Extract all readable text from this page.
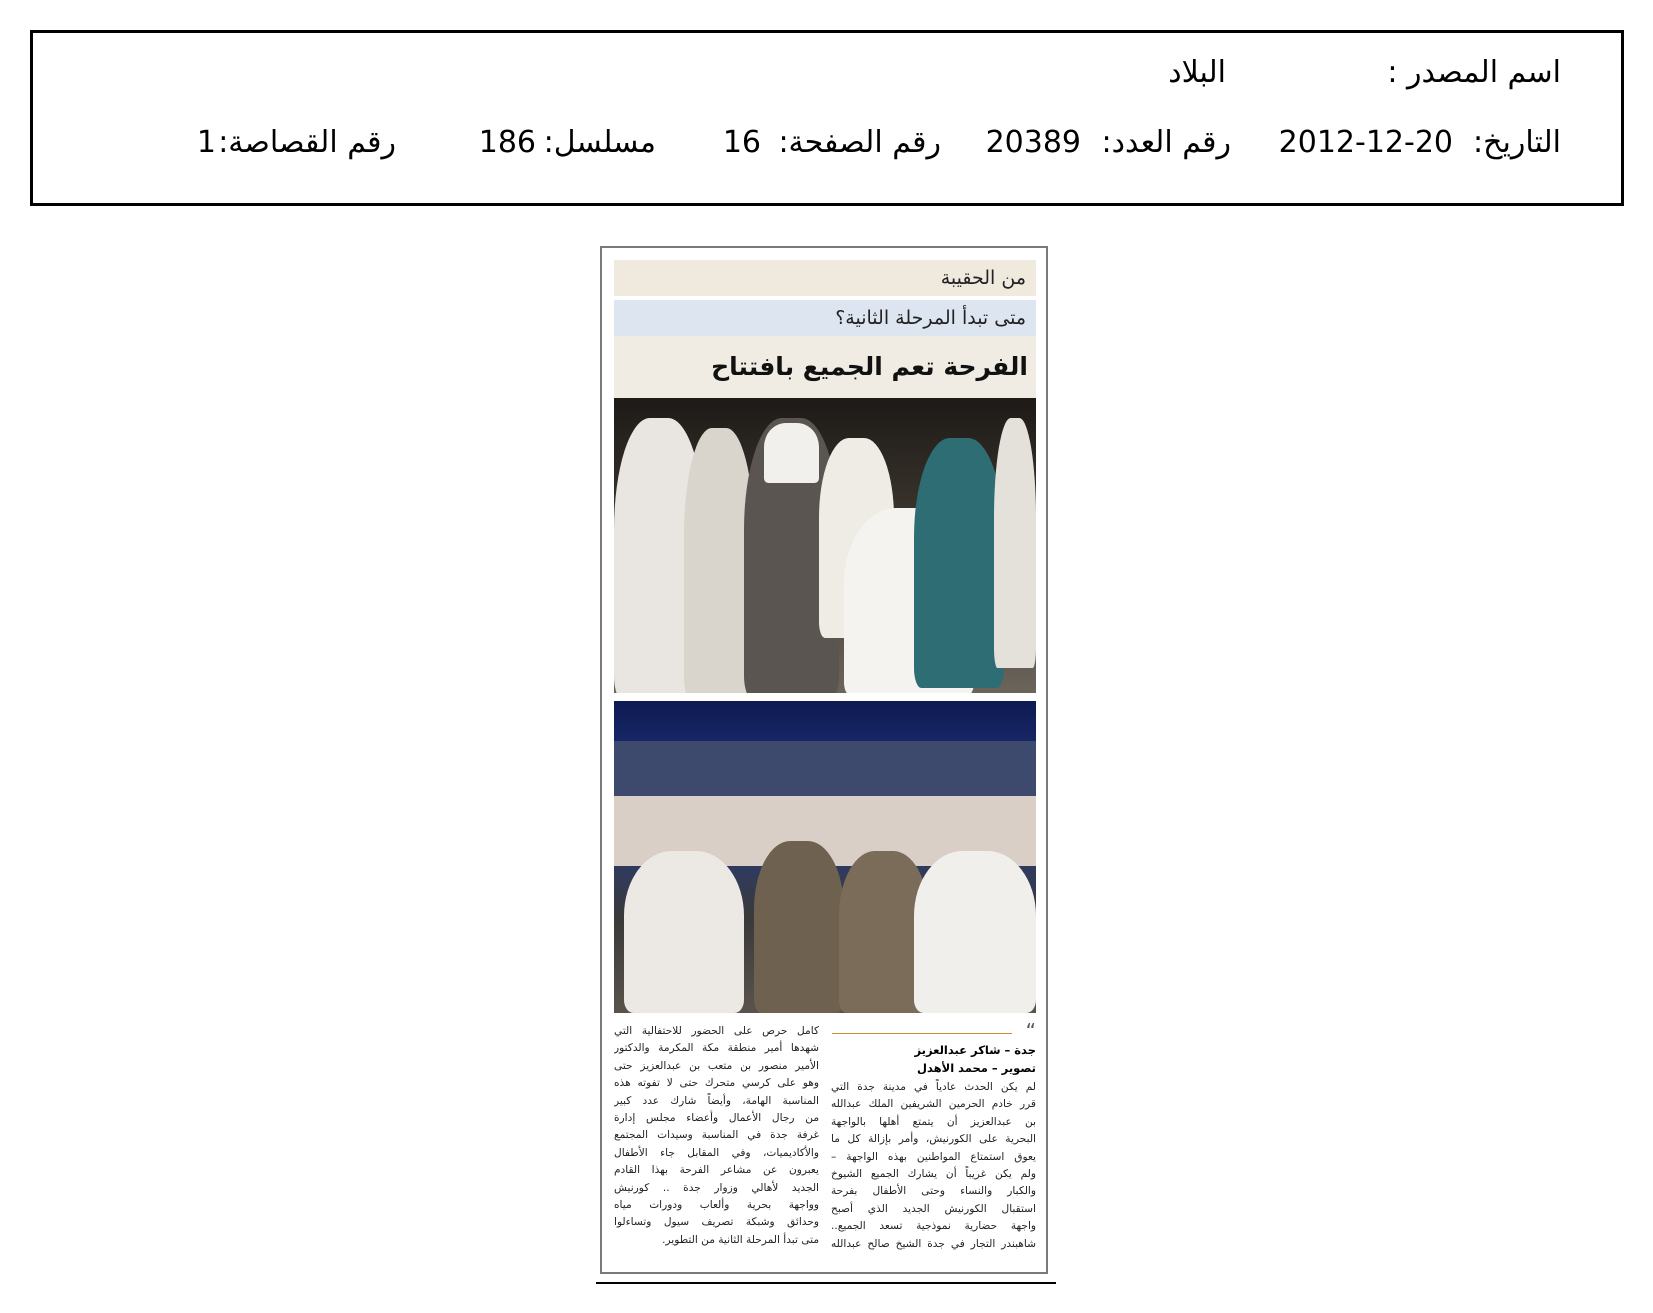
اسم المصدر :
البلاد
التاريخ:
2012-12-20
رقم العدد:
20389
رقم الصفحة:
16
مسلسل:
186
رقم القصاصة:
1
من الحقيبة
متى تبدأ المرحلة الثانية؟
الفرحة تعم الجميع بافتتاح
“
جدة – شاكر عبدالعزيز
تصوير – محمد الأهدل
لم يكن الحدث عادياً في مدينة جدة التي
قرر خادم الحرمين الشريفين الملك عبدالله
بن عبدالعزيز أن يتمتع أهلها بالواجهة
البحرية على الكورنيش، وأمر بإزالة كل ما
يعوق استمتاع المواطنين بهذه الواجهة –
ولم يكن غريباً أن يشارك الجميع الشيوخ
والكبار والنساء وحتى الأطفال بفرحة
استقبال الكورنيش الجديد الذي أصبح
واجهة حضارية نموذجية تسعد الجميع..
شاهبندر التجار في جدة الشيخ صالح عبدالله
كامل حرص على الحضور للاحتفالية التي
شهدها أمير منطقة مكة المكرمة والدكتور
الأمير منصور بن متعب بن عبدالعزيز حتى
وهو على كرسي متحرك حتى لا تفوته هذه
المناسبة الهامة، وأيضاً شارك عدد كبير
من رجال الأعمال وأعضاء مجلس إدارة
غرفة جدة في المناسبة وسيدات المجتمع
والأكاديميات، وفي المقابل جاء الأطفال
يعبرون عن مشاعر الفرحة بهذا القادم
الجديد لأهالي وزوار جدة .. كورنيش
وواجهة بحرية وألعاب ودورات مياه
وحدائق وشبكة تصريف سيول وتساءلوا
متى تبدأ المرحلة الثانية من التطوير.
